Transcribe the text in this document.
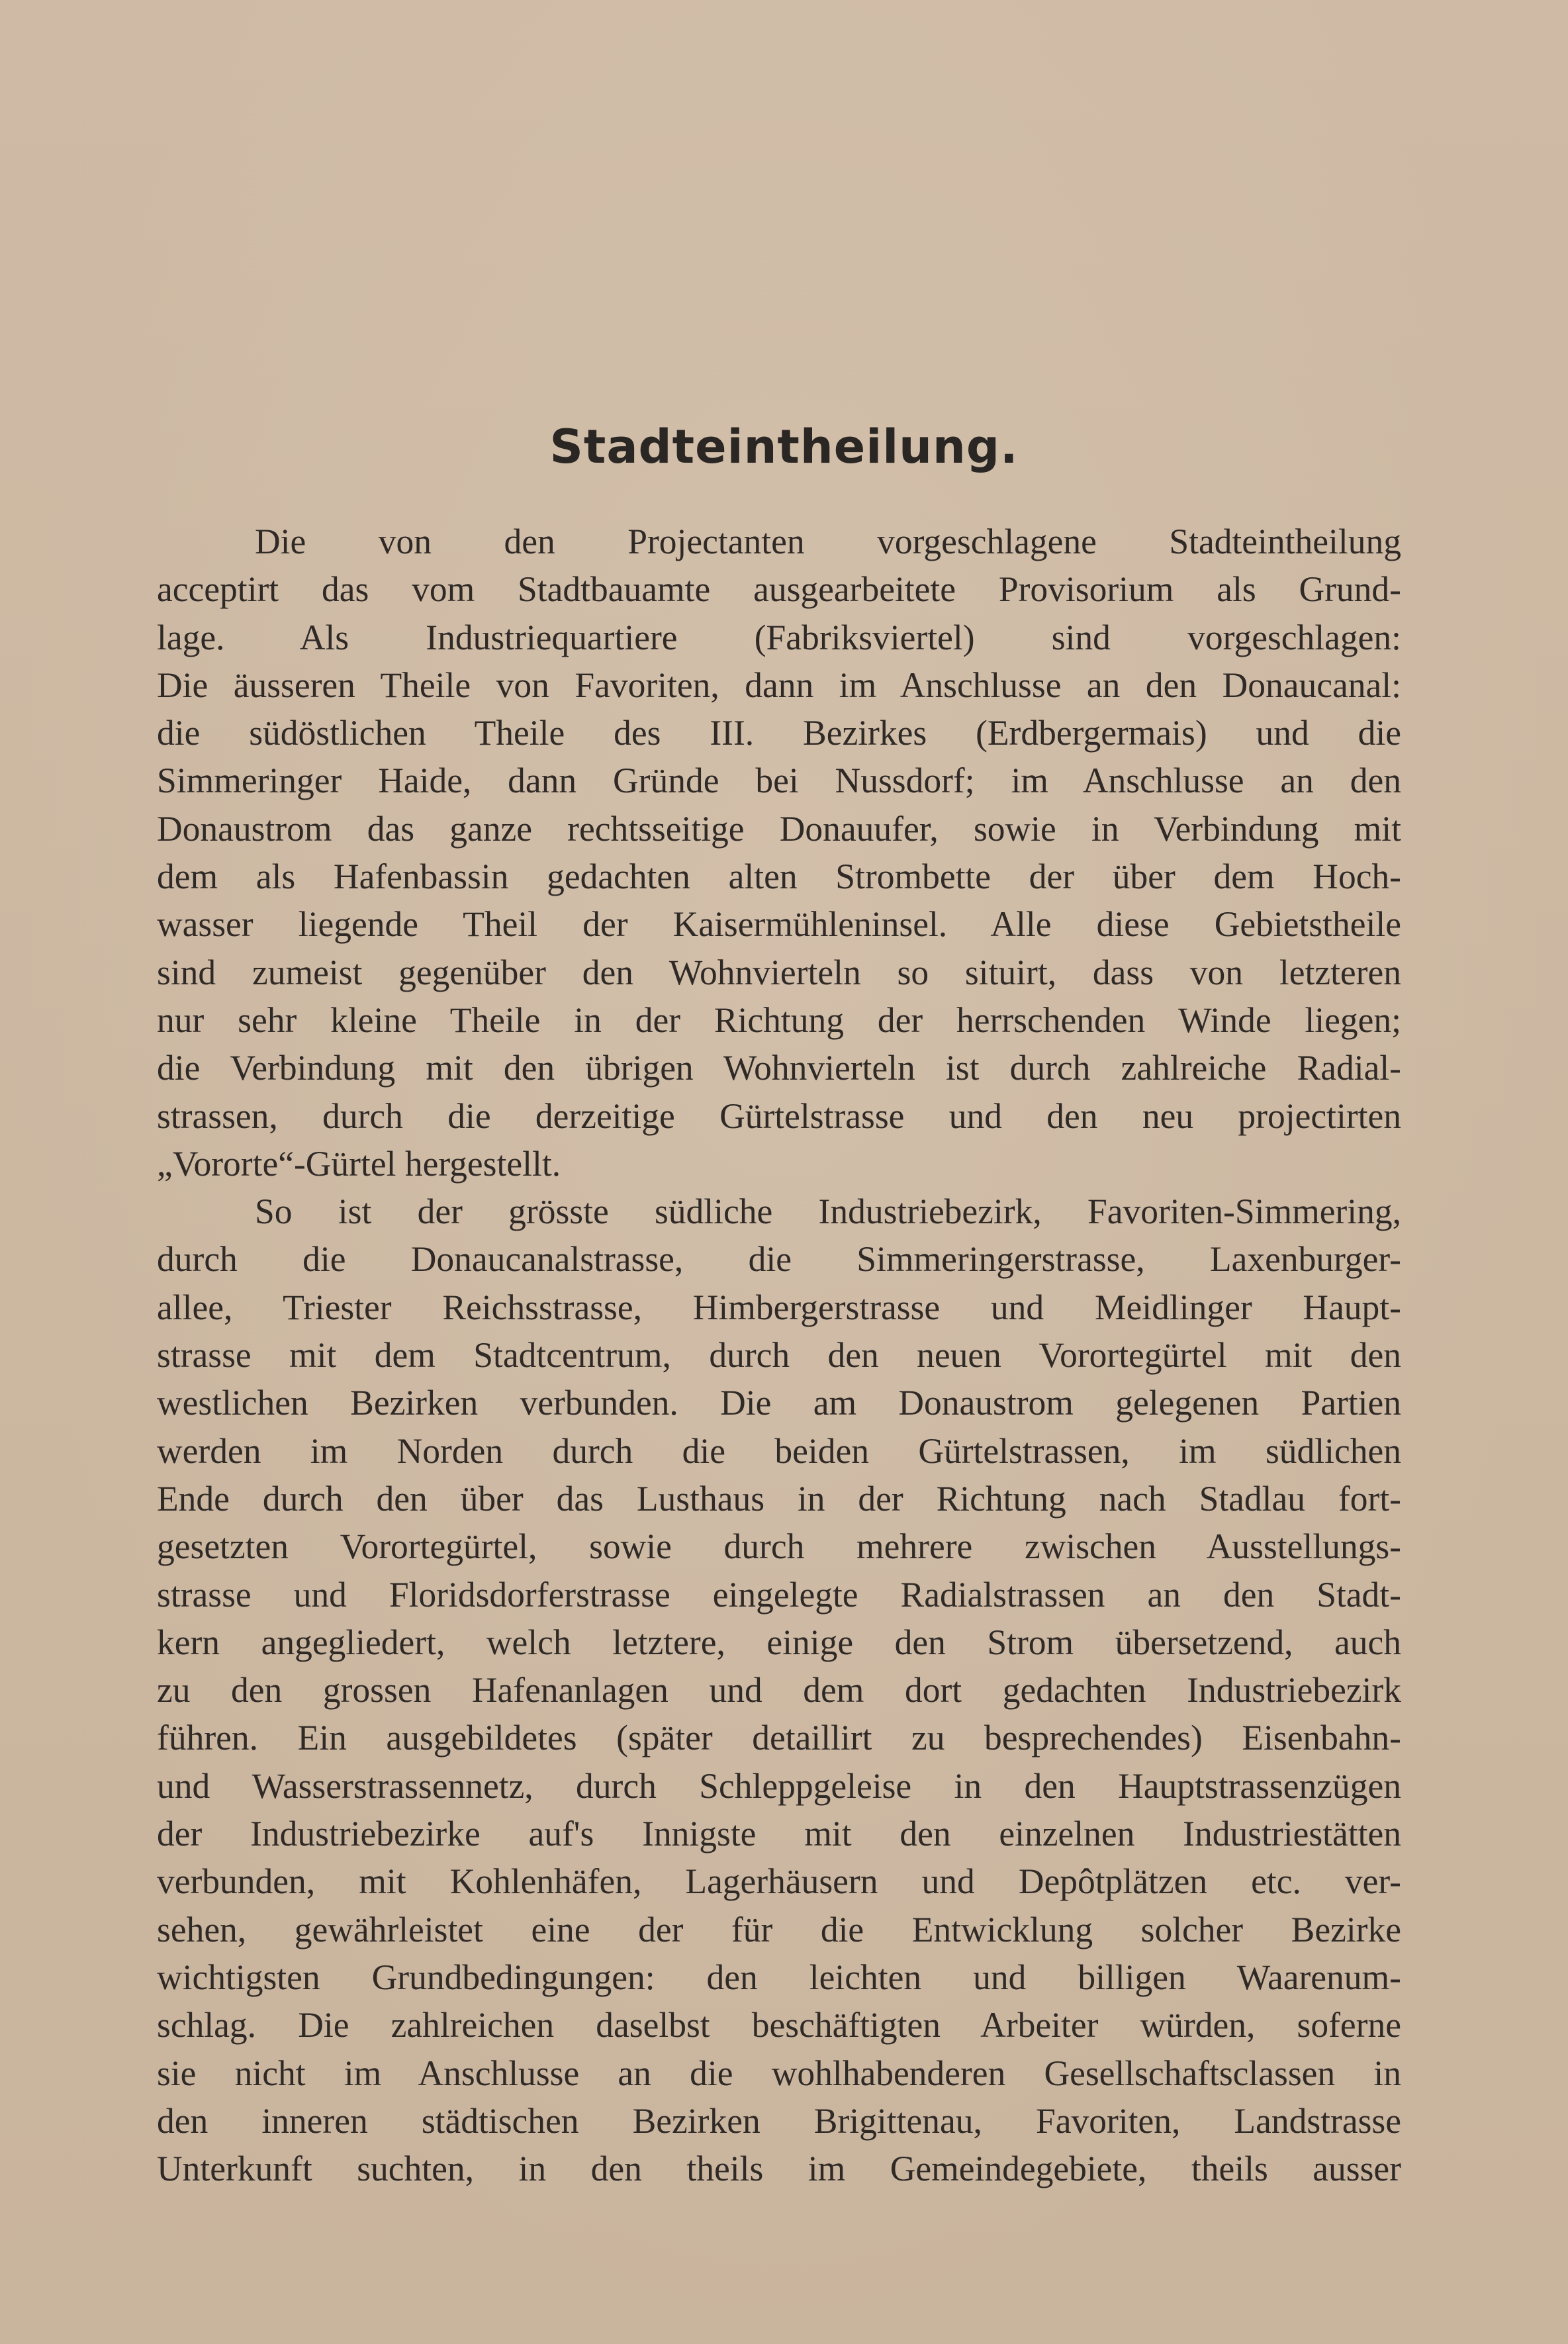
Stadteintheilung.
Die von den Projectanten vorgeschlagene Stadteintheilung
acceptirt das vom Stadtbauamte ausgearbeitete Provisorium als Grund-
lage. Als Industriequartiere (Fabriksviertel) sind vorgeschlagen:
Die äusseren Theile von Favoriten, dann im Anschlusse an den Donaucanal:
die südöstlichen Theile des III. Bezirkes (Erdbergermais) und die
Simmeringer Haide, dann Gründe bei Nussdorf; im Anschlusse an den
Donaustrom das ganze rechtsseitige Donauufer, sowie in Verbindung mit
dem als Hafenbassin gedachten alten Strombette der über dem Hoch-
wasser liegende Theil der Kaisermühleninsel. Alle diese Gebietstheile
sind zumeist gegenüber den Wohnvierteln so situirt, dass von letzteren
nur sehr kleine Theile in der Richtung der herrschenden Winde liegen;
die Verbindung mit den übrigen Wohnvierteln ist durch zahlreiche Radial-
strassen, durch die derzeitige Gürtelstrasse und den neu projectirten
„Vororte“-Gürtel hergestellt.
So ist der grösste südliche Industriebezirk, Favoriten-Simmering,
durch die Donaucanalstrasse, die Simmeringerstrasse, Laxenburger-
allee, Triester Reichsstrasse, Himbergerstrasse und Meidlinger Haupt-
strasse mit dem Stadtcentrum, durch den neuen Vorortegürtel mit den
westlichen Bezirken verbunden. Die am Donaustrom gelegenen Partien
werden im Norden durch die beiden Gürtelstrassen, im südlichen
Ende durch den über das Lusthaus in der Richtung nach Stadlau fort-
gesetzten Vorortegürtel, sowie durch mehrere zwischen Ausstellungs-
strasse und Floridsdorferstrasse eingelegte Radialstrassen an den Stadt-
kern angegliedert, welch letztere, einige den Strom übersetzend, auch
zu den grossen Hafenanlagen und dem dort gedachten Industriebezirk
führen. Ein ausgebildetes (später detaillirt zu besprechendes) Eisenbahn-
und Wasserstrassennetz, durch Schleppgeleise in den Hauptstrassenzügen
der Industriebezirke auf's Innigste mit den einzelnen Industriestätten
verbunden, mit Kohlenhäfen, Lagerhäusern und Depôtplätzen etc. ver-
sehen, gewährleistet eine der für die Entwicklung solcher Bezirke
wichtigsten Grundbedingungen: den leichten und billigen Waarenum-
schlag. Die zahlreichen daselbst beschäftigten Arbeiter würden, soferne
sie nicht im Anschlusse an die wohlhabenderen Gesellschaftsclassen in
den inneren städtischen Bezirken Brigittenau, Favoriten, Landstrasse
Unterkunft suchten, in den theils im Gemeindegebiete, theils ausser
